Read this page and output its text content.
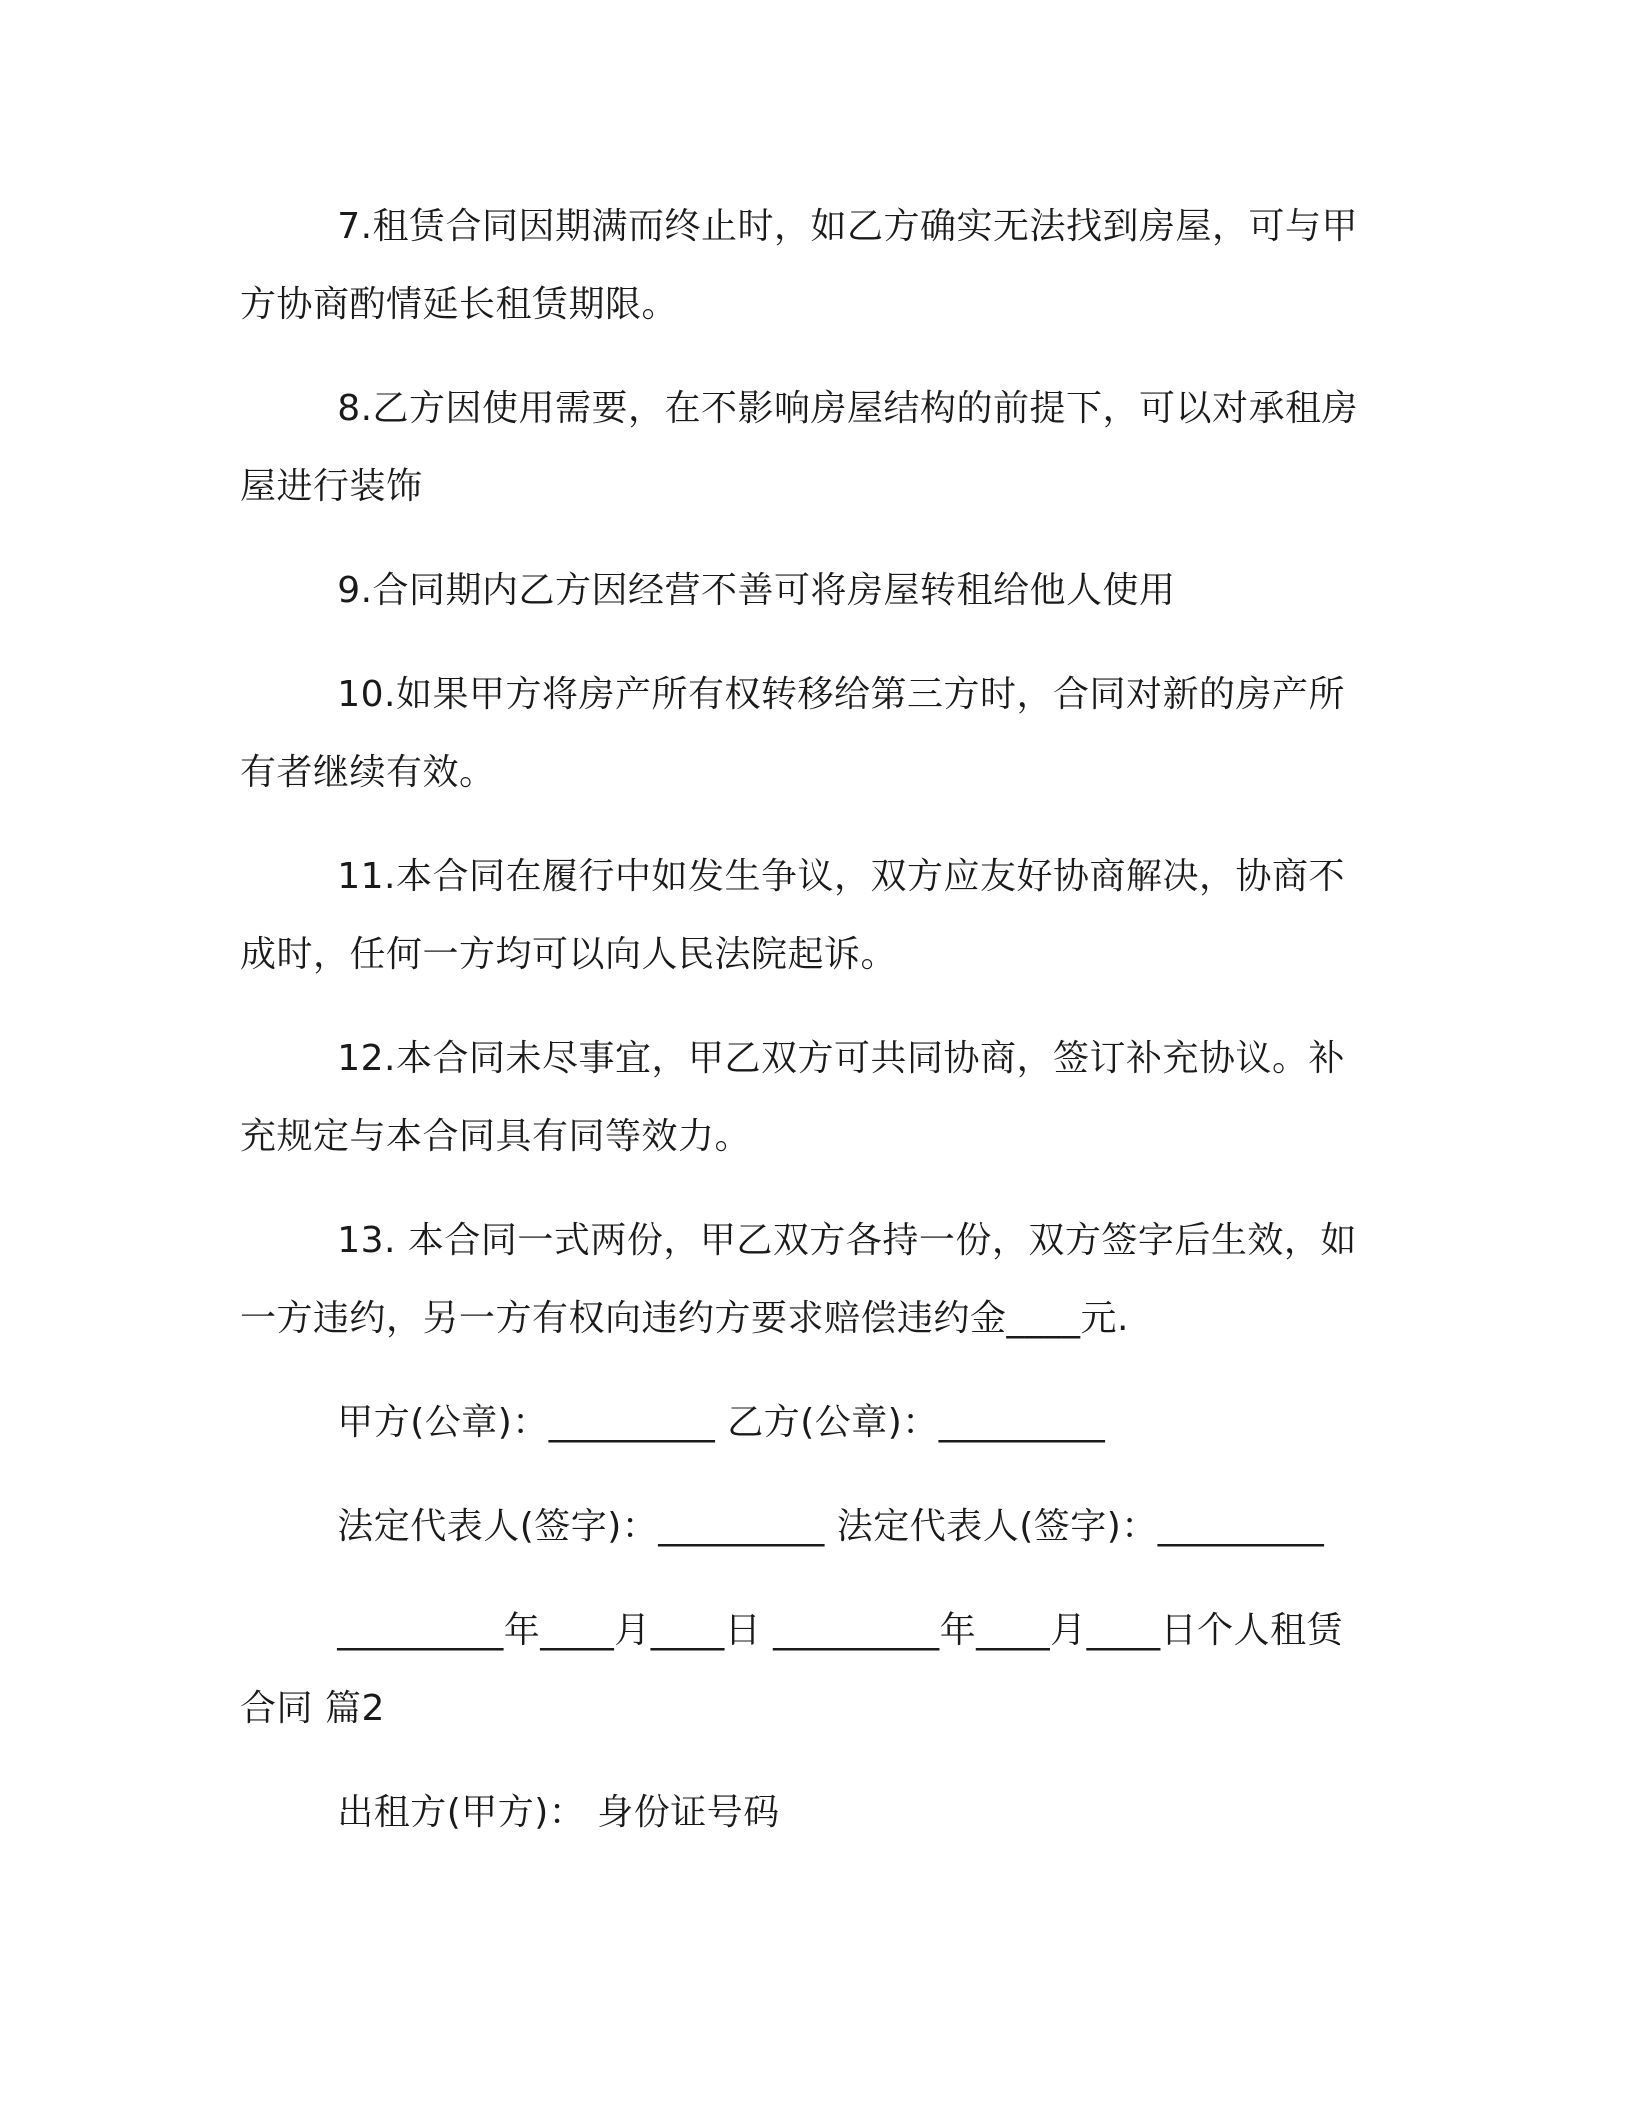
7.租赁合同因期满而终止时，如乙方确实无法找到房屋，可与甲方协商酌情延长租赁期限。

8.乙方因使用需要，在不影响房屋结构的前提下，可以对承租房屋进行装饰

9.合同期内乙方因经营不善可将房屋转租给他人使用

10.如果甲方将房产所有权转移给第三方时，合同对新的房产所有者继续有效。

11.本合同在履行中如发生争议，双方应友好协商解决，协商不成时，任何一方均可以向人民法院起诉。

12.本合同未尽事宜，甲乙双方可共同协商，签订补充协议。补充规定与本合同具有同等效力。

13. 本合同一式两份，甲乙双方各持一份，双方签字后生效，如一方违约，另一方有权向违约方要求赔偿违约金____元.

甲方(公章)：_________ 乙方(公章)：_________

法定代表人(签字)：_________ 法定代表人(签字)：_________

_________年____月____日 _________年____月____日个人租赁合同 篇2

出租方(甲方)： 身份证号码
